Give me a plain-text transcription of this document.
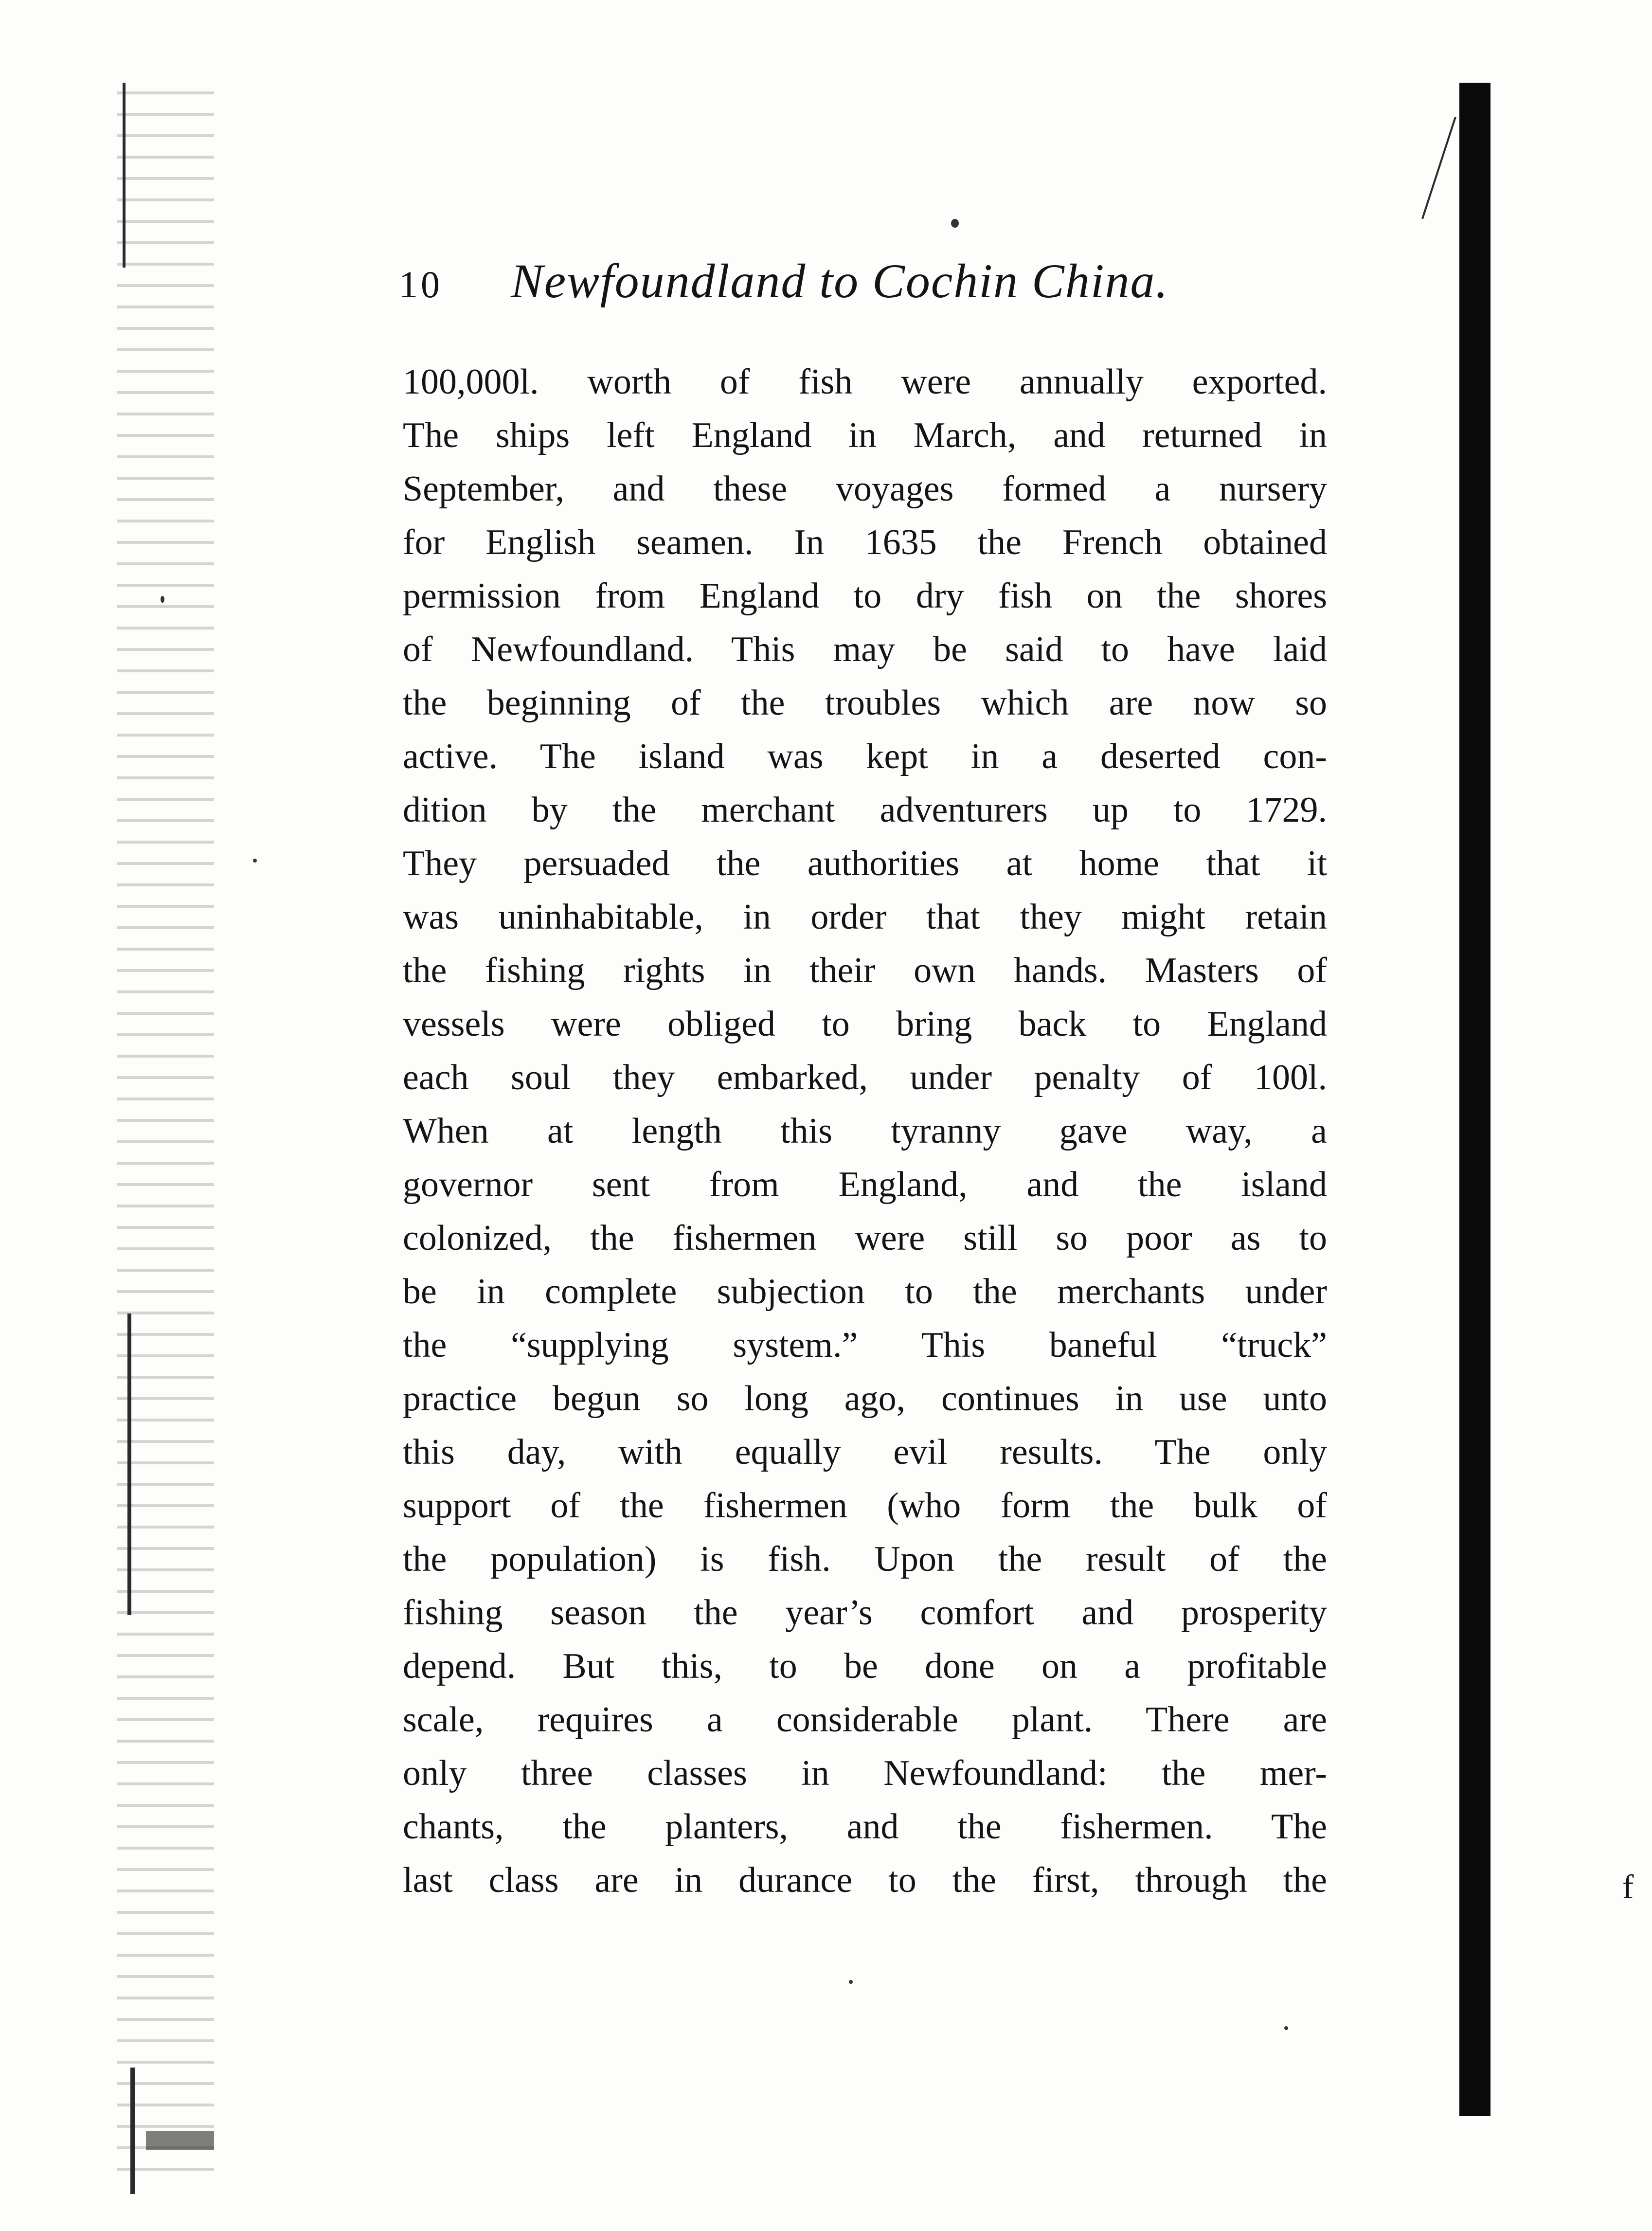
10	Newfoundland to Cochin China.
100,000l. worth of fish were annually exported.
The ships left England in March, and returned in
September, and these voyages formed a nursery
for English seamen. In 1635 the French obtained
permission from England to dry fish on the shores
of Newfoundland. This may be said to have laid
the beginning of the troubles which are now so
active. The island was kept in a deserted con-
dition by the merchant adventurers up to 1729.
They persuaded the authorities at home that it
was uninhabitable, in order that they might retain
the fishing rights in their own hands. Masters of
vessels were obliged to bring back to England
each soul they embarked, under penalty of 100l.
When at length this tyranny gave way, a
governor sent from England, and the island
colonized, the fishermen were still so poor as to
be in complete subjection to the merchants under
the “supplying system.” This baneful “truck”
practice begun so long ago, continues in use unto
this day, with equally evil results. The only
support of the fishermen (who form the bulk of
the population) is fish. Upon the result of the
fishing season the year’s comfort and prosperity
depend. But this, to be done on a profitable
scale, requires a considerable plant. There are
only three classes in Newfoundland: the mer-
chants, the planters, and the fishermen. The
last class are in durance to the first, through the	f
